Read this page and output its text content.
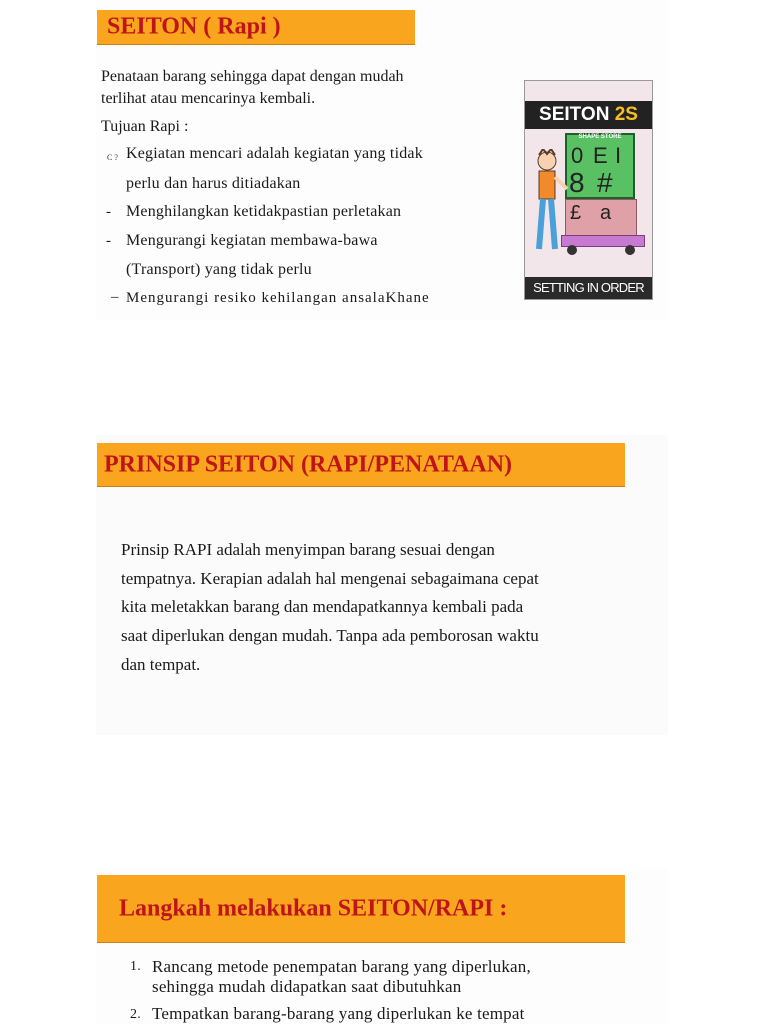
SEITON ( Rapi )
Penataan barang sehingga dapat dengan mudah
terlihat atau mencarinya kembali.
Tujuan Rapi :
C ? Kegiatan mencari adalah kegiatan yang tidak
perlu dan harus ditiadakan
- Menghilangkan ketidakpastian perletakan
- Mengurangi kegiatan membawa-bawa
(Transport) yang tidak perlu
– Mengurangi resiko kehilangan ansalaKhane
SEITON 2S
SHAPE STORE
0 E I
8 #
£ a
SETTING IN ORDER
PRINSIP SEITON (RAPI/PENATAAN)
Prinsip RAPI adalah menyimpan barang sesuai dengan
tempatnya. Kerapian adalah hal mengenai sebagaimana cepat
kita meletakkan barang dan mendapatkannya kembali pada
saat diperlukan dengan mudah. Tanpa ada pemborosan waktu
dan tempat.
Langkah melakukan SEITON/RAPI :
1. Rancang metode penempatan barang yang diperlukan,
sehingga mudah didapatkan saat dibutuhkan
2. Tempatkan barang-barang yang diperlukan ke tempat
